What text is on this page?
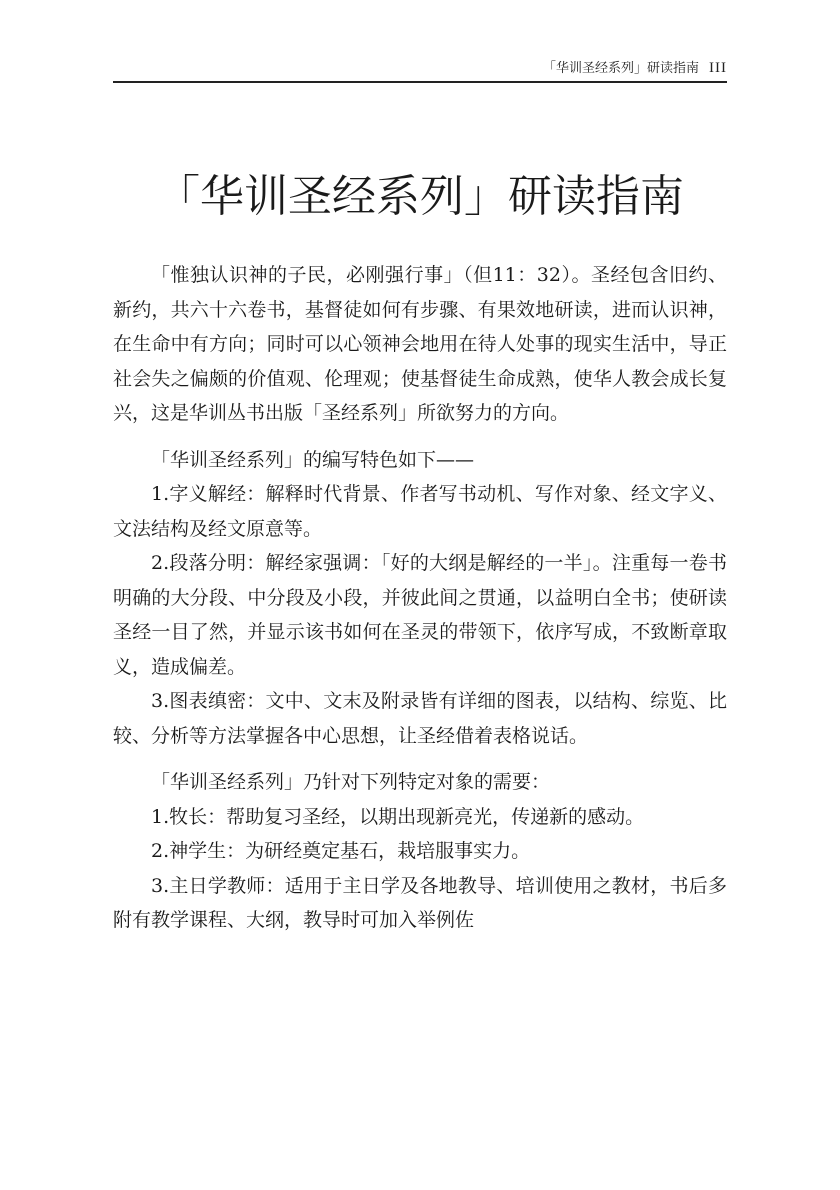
「华训圣经系列」研读指南 III
「华训圣经系列」研读指南

「惟独认识神的子民，必刚强行事」（但11：32）。圣经包含旧约、新约，共六十六卷书，基督徒如何有步骤、有果效地研读，进而认识神，在生命中有方向；同时可以心领神会地用在待人处事的现实生活中，导正社会失之偏颇的价值观、伦理观；使基督徒生命成熟，使华人教会成长复兴，这是华训丛书出版「圣经系列」所欲努力的方向。

「华训圣经系列」的编写特色如下——

1.字义解经：解释时代背景、作者写书动机、写作对象、经文字义、文法结构及经文原意等。

2.段落分明：解经家强调：「好的大纲是解经的一半」。注重每一卷书明确的大分段、中分段及小段，并彼此间之贯通，以益明白全书；使研读圣经一目了然，并显示该书如何在圣灵的带领下，依序写成，不致断章取义，造成偏差。

3.图表缜密：文中、文末及附录皆有详细的图表，以结构、综览、比较、分析等方法掌握各中心思想，让圣经借着表格说话。

「华训圣经系列」乃针对下列特定对象的需要：

1.牧长：帮助复习圣经，以期出现新亮光，传递新的感动。

2.神学生：为研经奠定基石，栽培服事实力。

3.主日学教师：适用于主日学及各地教导、培训使用之教材，书后多附有教学课程、大纲，教导时可加入举例佐
